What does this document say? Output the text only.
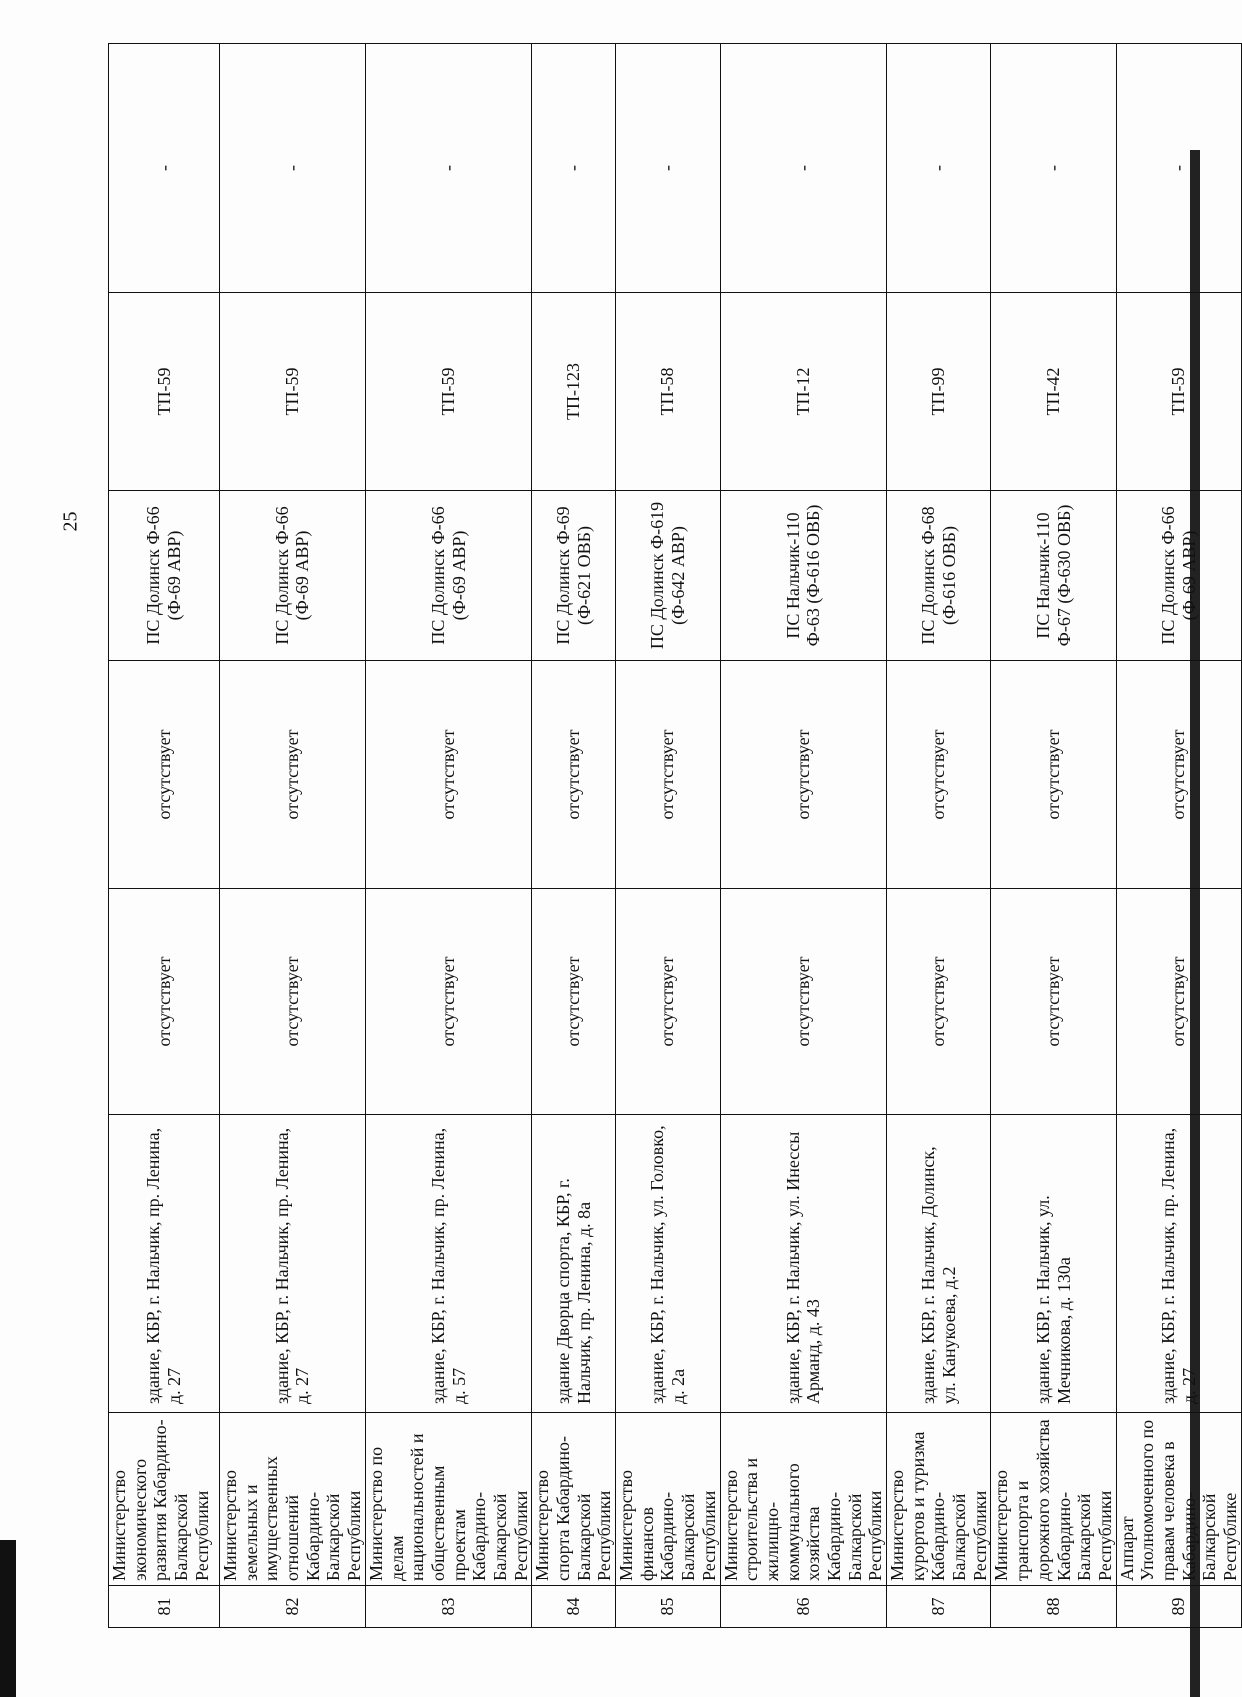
25
81	Министерство экономического развития Кабардино-Балкарской Республики	здание, КБР, г. Нальчик, пр. Ленина, д. 27	отсутствует	отсутствует	ПС Долинск Ф-66 (Ф-69 АВР)	ТП-59	-
82	Министерство земельных и имущественных отношений Кабардино-Балкарской Республики	здание, КБР, г. Нальчик, пр. Ленина, д. 27	отсутствует	отсутствует	ПС Долинск Ф-66 (Ф-69 АВР)	ТП-59	-
83	Министерство по делам национальностей и общественным проектам Кабардино-Балкарской Республики	здание, КБР, г. Нальчик, пр. Ленина, д. 57	отсутствует	отсутствует	ПС Долинск Ф-66 (Ф-69 АВР)	ТП-59	-
84	Министерство спорта Кабардино-Балкарской Республики	здание Дворца спорта, КБР, г. Нальчик, пр. Ленина, д. 8а	отсутствует	отсутствует	ПС Долинск Ф-69 (Ф-621 ОВБ)	ТП-123	-
85	Министерство финансов Кабардино-Балкарской Республики	здание, КБР, г. Нальчик, ул. Головко, д. 2а	отсутствует	отсутствует	ПС Долинск Ф-619 (Ф-642 АВР)	ТП-58	-
86	Министерство строительства и жилищно-коммунального хозяйства Кабардино-Балкарской Республики	здание, КБР, г. Нальчик, ул. Инессы Арманд, д. 43	отсутствует	отсутствует	ПС Нальчик-110 Ф-63 (Ф-616 ОВБ)	ТП-12	-
87	Министерство курортов и туризма Кабардино-Балкарской Республики	здание, КБР, г. Нальчик, Долинск, ул. Канукоева, д.2	отсутствует	отсутствует	ПС Долинск Ф-68 (Ф-616 ОВБ)	ТП-99	-
88	Министерство транспорта и дорожного хозяйства Кабардино-Балкарской Республики	здание, КБР, г. Нальчик, ул. Мечникова, д. 130а	отсутствует	отсутствует	ПС Нальчик-110 Ф-67 (Ф-630 ОВБ)	ТП-42	-
89	Аппарат Уполномоченного по правам человека в Кабардино-Балкарской Республике	здание, КБР, г. Нальчик, пр. Ленина, д. 27	отсутствует	отсутствует	ПС Долинск Ф-66 (Ф-69 АВР)	ТП-59	-
